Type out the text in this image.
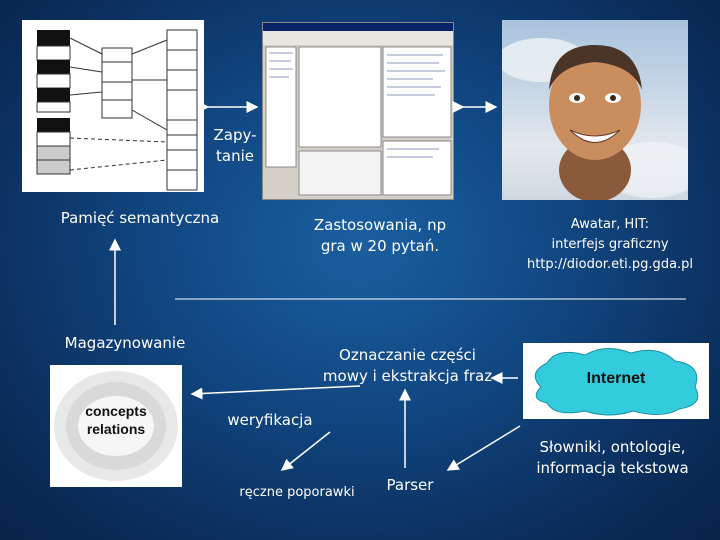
concepts
relations
Internet
Zapy-
tanie
Pamięć semantyczna	Zastosowania, np
gra w 20 pytań.
Awatar, HIT:
interfejs graficzny
http://diodor.eti.pg.gda.pl
Magazynowanie
Oznaczanie części
mowy i ekstrakcja fraz
weryfikacja
ręczne poporawki	Parser
Słowniki, ontologie,
informacja tekstowa
